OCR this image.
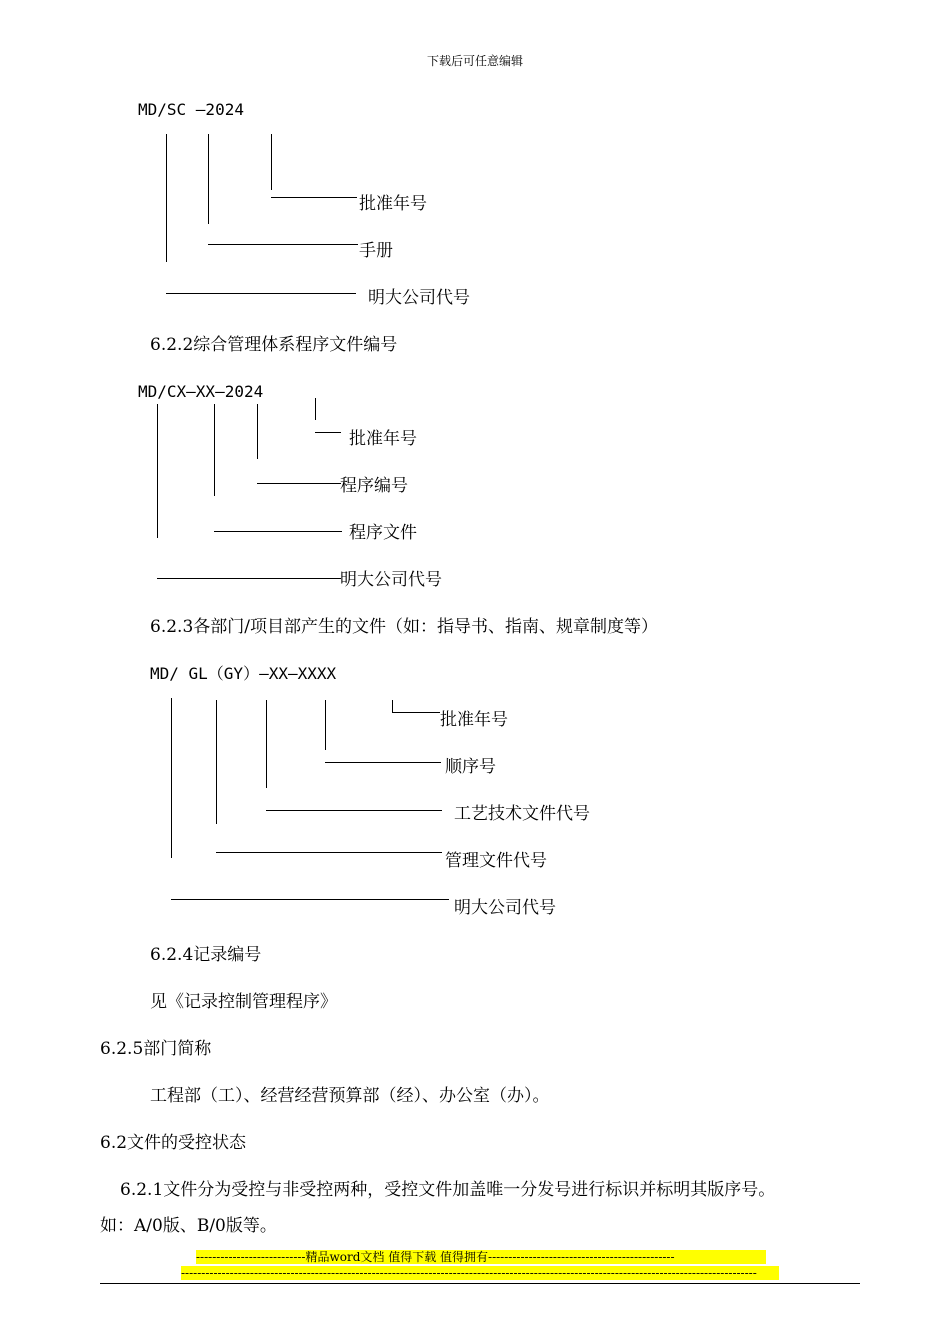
下载后可任意编辑
MD/SC —2024
批准年号
手册
明大公司代号
6.2.2综合管理体系程序文件编号
MD/CX—XX—2024
批准年号
程序编号
程序文件
明大公司代号
6.2.3各部门/项目部产生的文件（如：指导书、指南、规章制度等）
MD/ GL（GY）—XX—XXXX
批准年号
顺序号
工艺技术文件代号
管理文件代号
明大公司代号
6.2.4记录编号
见《记录控制管理程序》
6.2.5部门简称
工程部（工）、经营经营预算部（经）、办公室（办）。
6.2文件的受控状态
6.2.1文件分为受控与非受控两种，受控文件加盖唯一分发号进行标识并标明其版序号。
如：A/0版、B/0版等。
---------------------------精品word文档 值得下载 值得拥有----------------------------------------------
----------------------------------------------------------------------------------------------------------------------------------------------
